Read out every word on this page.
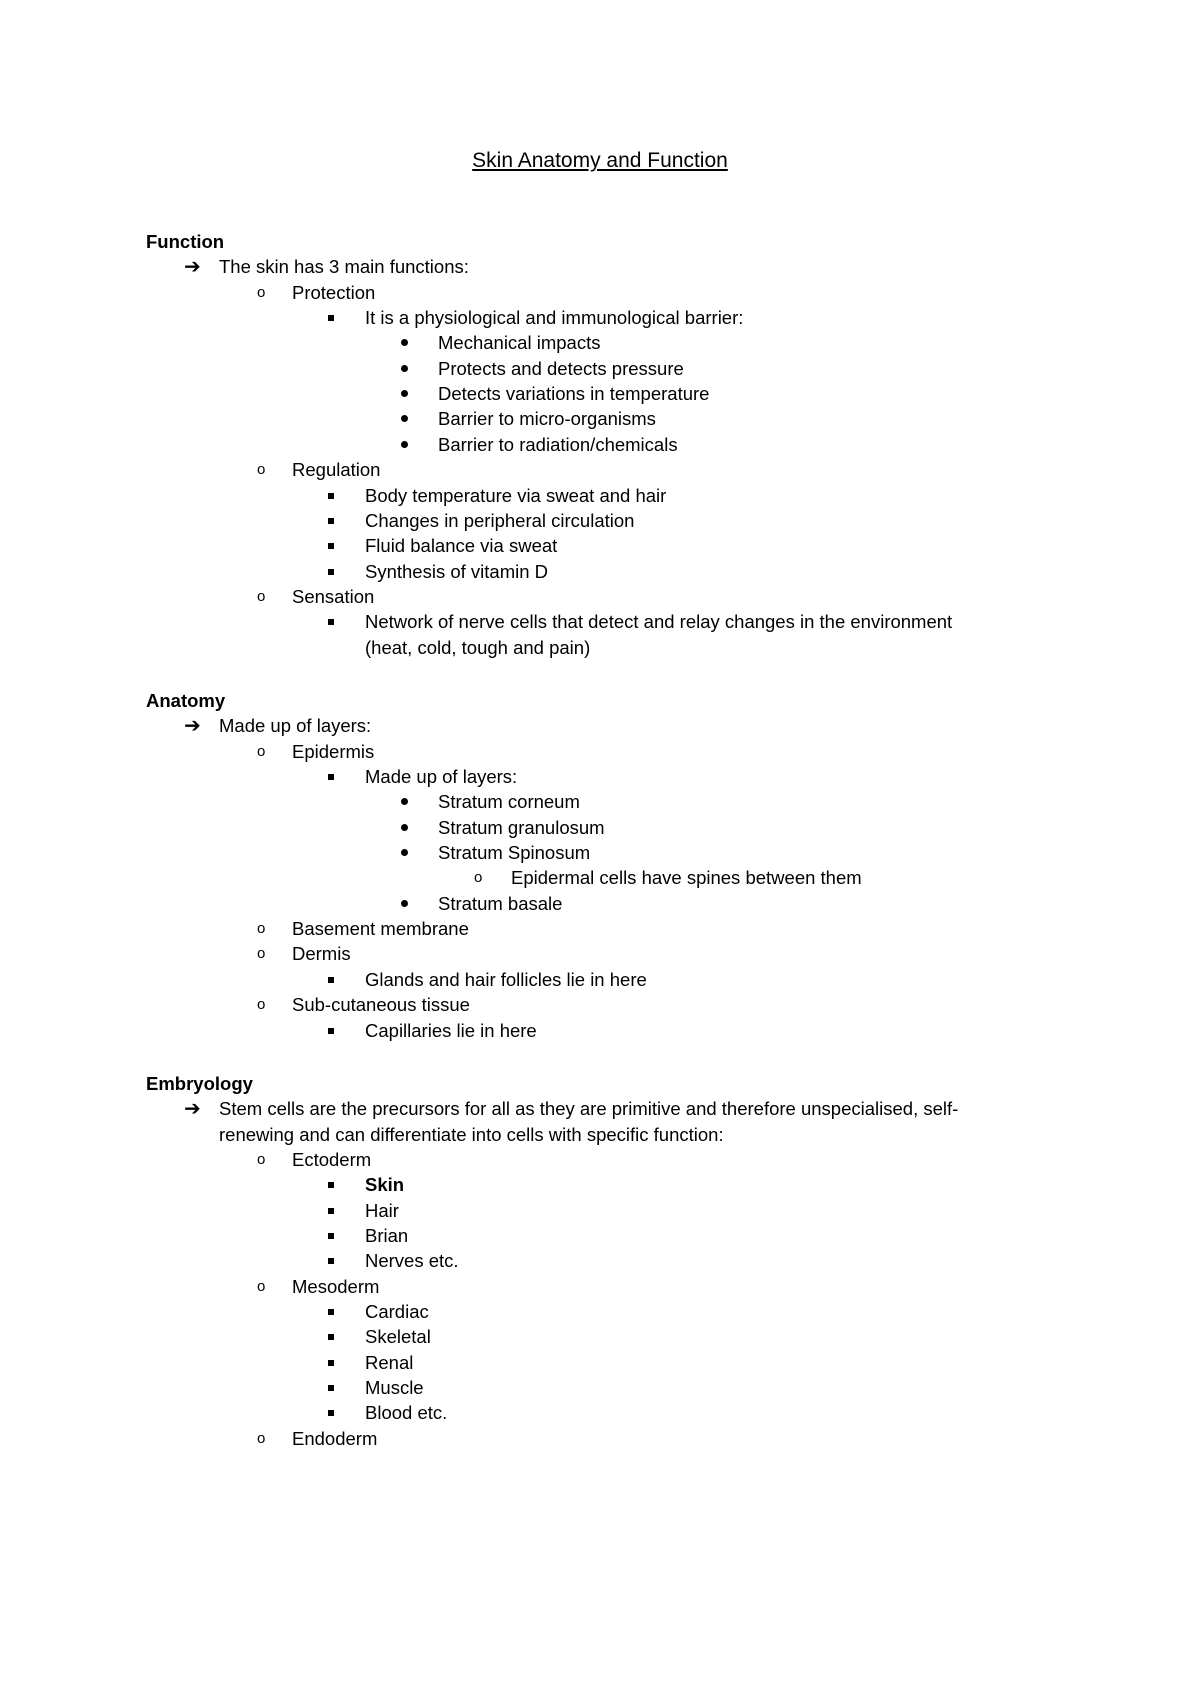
Skin Anatomy and Function
Function
➔ The skin has 3 main functions:
o Protection
It is a physiological and immunological barrier:
Mechanical impacts
Protects and detects pressure
Detects variations in temperature
Barrier to micro-organisms
Barrier to radiation/chemicals
o Regulation
Body temperature via sweat and hair
Changes in peripheral circulation
Fluid balance via sweat
Synthesis of vitamin D
o Sensation
Network of nerve cells that detect and relay changes in the environment
(heat, cold, tough and pain)
Anatomy
➔ Made up of layers:
o Epidermis
Made up of layers:
Stratum corneum
Stratum granulosum
Stratum Spinosum
o Epidermal cells have spines between them
Stratum basale
o Basement membrane
o Dermis
Glands and hair follicles lie in here
o Sub-cutaneous tissue
Capillaries lie in here
Embryology
➔ Stem cells are the precursors for all as they are primitive and therefore unspecialised, self-
renewing and can differentiate into cells with specific function:
o Ectoderm
Skin
Hair
Brian
Nerves etc.
o Mesoderm
Cardiac
Skeletal
Renal
Muscle
Blood etc.
o Endoderm
